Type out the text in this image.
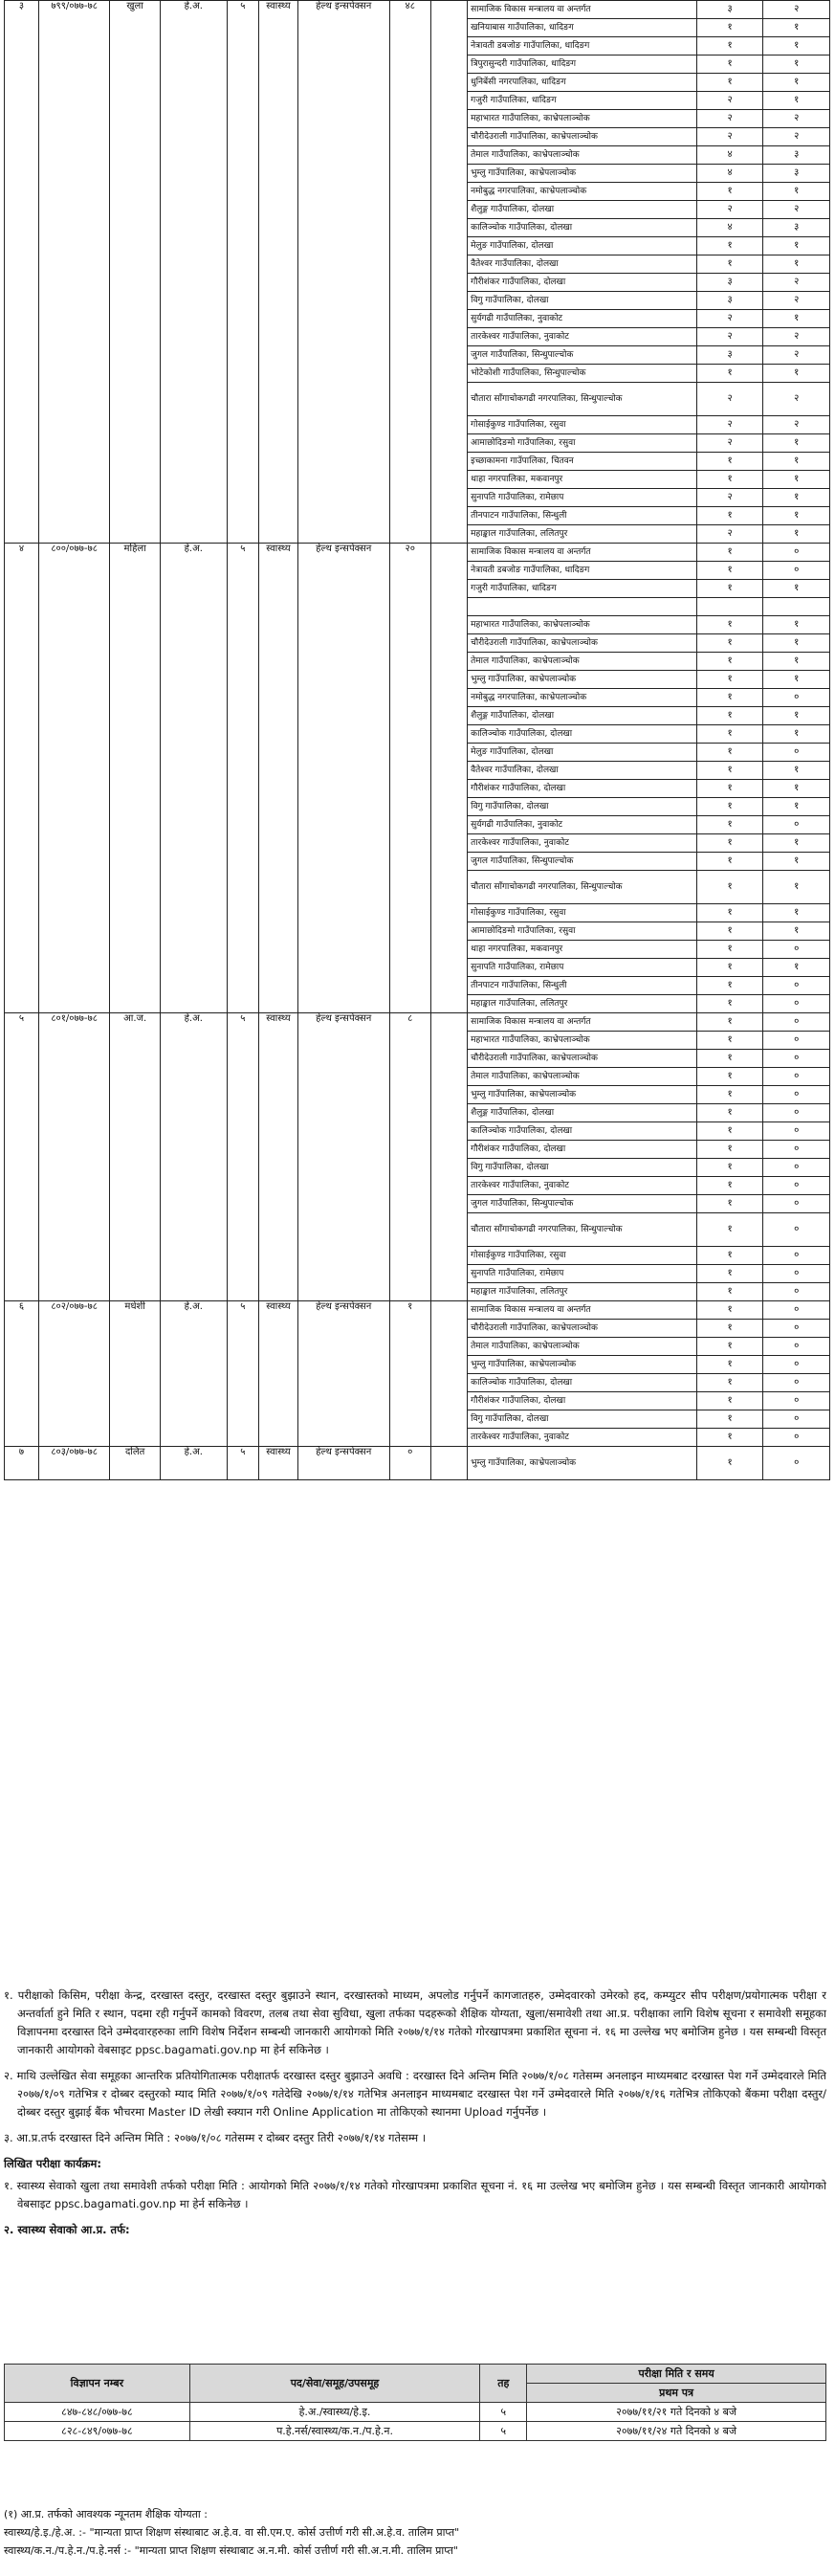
३	७९९/०७७-७८	खुला	हे.अ.	५	स्वास्थ्य	हेल्थ इन्सपेक्सन	४८		सामाजिक विकास मन्त्रालय वा अन्तर्गत	३	२
									खनियाबास गाउँपालिका, धादिङग	१	१
									नेत्रावती डबजोङ गाउँपालिका, धादिङग	१	१
									त्रिपुरासुन्दरी गाउँपालिका, धादिङग	१	१
									धुनिबेंसी नगरपालिका, धादिङग	१	१
									गजुरी गाउँपालिका, धादिङग	२	१
									महाभारत गाउँपालिका, काभ्रेपलाञ्चोक	२	२
									चौरीदेउराली गाउँपालिका, काभ्रेपलाञ्चोक	२	२
									तेमाल गाउँपालिका, काभ्रेपलाञ्चोक	४	३
									भुम्लु गाउँपालिका, काभ्रेपलाञ्चोक	४	३
									नमोबुद्ध नगरपालिका, काभ्रेपलाञ्चोक	१	१
									शैलुङ्ग गाउँपालिका, दोलखा	२	२
									कालिञ्चोक गाउँपालिका, दोलखा	४	३
									मेलुङ गाउँपालिका, दोलखा	१	१
									वैतेश्वर गाउँपालिका, दोलखा	१	१
									गौरीशंकर गाउँपालिका, दोलखा	३	२
									विगु गाउँपालिका, दोलखा	३	२
									सुर्यगढी गाउँपालिका, नुवाकोट	२	१
									तारकेश्वर गाउँपालिका, नुवाकोट	२	२
									जुगल गाउँपालिका, सिन्धुपाल्चोक	३	२
									भोटेकोशी गाउँपालिका, सिन्धुपाल्चोक	१	१
									चौतारा साँगाचोकगढी नगरपालिका, सिन्धुपाल्चोक	२	२
									गोसाईकुण्ड गाउँपालिका, रसुवा	२	२
									आमाछोदिङमो गाउँपालिका, रसुवा	२	१
									इच्छाकामना गाउँपालिका, चितवन	१	१
									थाहा नगरपालिका, मकवानपुर	१	१
									सुनापति गाउँपालिका, रामेछाप	२	१
									तीनपाटन गाउँपालिका, सिन्धुली	१	१
									महाङ्काल गाउँपालिका, ललितपुर	२	१
४	८००/०७७-७८	महिला	हे.अ.	५	स्वास्थ्य	हेल्थ इन्सपेक्सन	२०		सामाजिक विकास मन्त्रालय वा अन्तर्गत	१	०
									नेत्रावती डबजोङ गाउँपालिका, धादिङग	१	०
									गजुरी गाउँपालिका, धादिङग	१	१

									महाभारत गाउँपालिका, काभ्रेपलाञ्चोक	१	१
									चौरीदेउराली गाउँपालिका, काभ्रेपलाञ्चोक	१	१
									तेमाल गाउँपालिका, काभ्रेपलाञ्चोक	१	१
									भुम्लु गाउँपालिका, काभ्रेपलाञ्चोक	१	१
									नमोबुद्ध नगरपालिका, काभ्रेपलाञ्चोक	१	०
									शैलुङ्ग गाउँपालिका, दोलखा	१	१
									कालिञ्चोक गाउँपालिका, दोलखा	१	१
									मेलुङ गाउँपालिका, दोलखा	१	०
									वैतेश्वर गाउँपालिका, दोलखा	१	१
									गौरीशंकर गाउँपालिका, दोलखा	१	१
									विगु गाउँपालिका, दोलखा	१	१
									सुर्यगढी गाउँपालिका, नुवाकोट	१	०
									तारकेश्वर गाउँपालिका, नुवाकोट	१	१
									जुगल गाउँपालिका, सिन्धुपाल्चोक	१	१
									चौतारा साँगाचोकगढी नगरपालिका, सिन्धुपाल्चोक	१	१
									गोसाईकुण्ड गाउँपालिका, रसुवा	१	१
									आमाछोदिङमो गाउँपालिका, रसुवा	१	१
									थाहा नगरपालिका, मकवानपुर	१	०
									सुनापति गाउँपालिका, रामेछाप	१	१
									तीनपाटन गाउँपालिका, सिन्धुली	१	०
									महाङ्काल गाउँपालिका, ललितपुर	१	०
५	८०१/०७७-७८	आ.ज.	हे.अ.	५	स्वास्थ्य	हेल्थ इन्सपेक्सन	८		सामाजिक विकास मन्त्रालय वा अन्तर्गत	१	०
									महाभारत गाउँपालिका, काभ्रेपलाञ्चोक	१	०
									चौरीदेउराली गाउँपालिका, काभ्रेपलाञ्चोक	१	०
									तेमाल गाउँपालिका, काभ्रेपलाञ्चोक	१	०
									भुम्लु गाउँपालिका, काभ्रेपलाञ्चोक	१	०
									शैलुङ्ग गाउँपालिका, दोलखा	१	०
									कालिञ्चोक गाउँपालिका, दोलखा	१	०
									गौरीशंकर गाउँपालिका, दोलखा	१	०
									विगु गाउँपालिका, दोलखा	१	०
									तारकेश्वर गाउँपालिका, नुवाकोट	१	०
									जुगल गाउँपालिका, सिन्धुपाल्चोक	१	०
									चौतारा साँगाचोकगढी नगरपालिका, सिन्धुपाल्चोक	१	०
									गोसाईकुण्ड गाउँपालिका, रसुवा	१	०
									सुनापति गाउँपालिका, रामेछाप	१	०
									महाङ्काल गाउँपालिका, ललितपुर	१	०
६	८०२/०७७-७८	मधेशी	हे.अ.	५	स्वास्थ्य	हेल्थ इन्सपेक्सन	१		सामाजिक विकास मन्त्रालय वा अन्तर्गत	१	०
									चौरीदेउराली गाउँपालिका, काभ्रेपलाञ्चोक	१	०
									तेमाल गाउँपालिका, काभ्रेपलाञ्चोक	१	०
									भुम्लु गाउँपालिका, काभ्रेपलाञ्चोक	१	०
									कालिञ्चोक गाउँपालिका, दोलखा	१	०
									गौरीशंकर गाउँपालिका, दोलखा	१	०
									विगु गाउँपालिका, दोलखा	१	०
									तारकेश्वर गाउँपालिका, नुवाकोट	१	०
७	८०३/०७७-७८	दलित	हे.अ.	५	स्वास्थ्य	हेल्थ इन्सपेक्सन	०		भुम्लु गाउँपालिका, काभ्रेपलाञ्चोक	१	०

१. परीक्षाको किसिम, परीक्षा केन्द्र, दरखास्त दस्तुर, दरखास्त दस्तुर बुझाउने स्थान, दरखास्तको माध्यम, अपलोड गर्नुपर्ने कागजातहरु, उम्मेदवारको उमेरको हद, कम्प्युटर सीप परीक्षण/प्रयोगात्मक परीक्षा र अन्तर्वार्ता हुने मिति र स्थान, पदमा रही गर्नुपर्ने कामको विवरण, तलब तथा सेवा सुविधा, खुला तर्फका पदहरूको शैक्षिक योग्यता, खुला/समावेशी तथा आ.प्र. परीक्षाका लागि विशेष सूचना र समावेशी समूहका विज्ञापनमा दरखास्त दिने उम्मेदवारहरुका लागि विशेष निर्देशन सम्बन्धी जानकारी आयोगको मिति २०७७/१/१४ गतेको गोरखापत्रमा प्रकाशित सूचना नं. १६ मा उल्लेख भए बमोजिम हुनेछ । यस सम्बन्धी विस्तृत जानकारी आयोगको वेबसाइट ppsc.bagamati.gov.np मा हेर्न सकिनेछ ।

२. माथि उल्लेखित सेवा समूहका आन्तरिक प्रतियोगितात्मक परीक्षातर्फ दरखास्त दस्तुर बुझाउने अवधि : दरखास्त दिने अन्तिम मिति २०७७/१/०८ गतेसम्म अनलाइन माध्यमबाट दरखास्त पेश गर्ने उम्मेदवारले मिति २०७७/१/०९ गतेभित्र र दोब्बर दस्तुरको म्याद मिति २०७७/१/०९ गतेदेखि २०७७/१/१४ गतेभित्र अनलाइन माध्यमबाट दरखास्त पेश गर्ने उम्मेदवारले मिति २०७७/१/१६ गतेभित्र तोकिएको बैंकमा परीक्षा दस्तुर/दोब्बर दस्तुर बुझाई बैंक भौचरमा Master ID लेखी स्क्यान गरी Online Application मा तोकिएको स्थानमा Upload गर्नुपर्नेछ ।

३. आ.प्र.तर्फ दरखास्त दिने अन्तिम मिति : २०७७/१/०८ गतेसम्म र दोब्बर दस्तुर तिरी २०७७/१/१४ गतेसम्म ।

लिखित परीक्षा कार्यक्रम:

१. स्वास्थ्य सेवाको खुला तथा समावेशी तर्फको परीक्षा मिति : आयोगको मिति २०७७/१/१४ गतेको गोरखापत्रमा प्रकाशित सूचना नं. १६ मा उल्लेख भए बमोजिम हुनेछ । यस सम्बन्धी विस्तृत जानकारी आयोगको वेबसाइट ppsc.bagamati.gov.np मा हेर्न सकिनेछ ।

२. स्वास्थ्य सेवाको आ.प्र. तर्फ:

विज्ञापन नम्बर	पद/सेवा/समूह/उपसमूह	तह	परीक्षा मिति र समय
			प्रथम पत्र
८४७-८४८/०७७-७८	हे.अ./स्वास्थ्य/हे.इ.	५	२०७७/११/२१ गते दिनको ४ बजे
८२८-८४९/०७७-७८	प.हे.नर्स/स्वास्थ्य/क.न./प.हे.न.	५	२०७७/११/२४ गते दिनको ४ बजे
(१) आ.प्र. तर्फको आवश्यक न्यूनतम शैक्षिक योग्यता :
स्वास्थ्य/हे.इ./हे.अ. :- "मान्यता प्राप्त शिक्षण संस्थाबाट अ.हे.व. वा सी.एम.ए. कोर्स उत्तीर्ण गरी सी.अ.हे.व. तालिम प्राप्त"
स्वास्थ्य/क.न./प.हे.न./प.हे.नर्स :- "मान्यता प्राप्त शिक्षण संस्थाबाट अ.न.मी. कोर्स उत्तीर्ण गरी सी.अ.न.मी. तालिम प्राप्त"
